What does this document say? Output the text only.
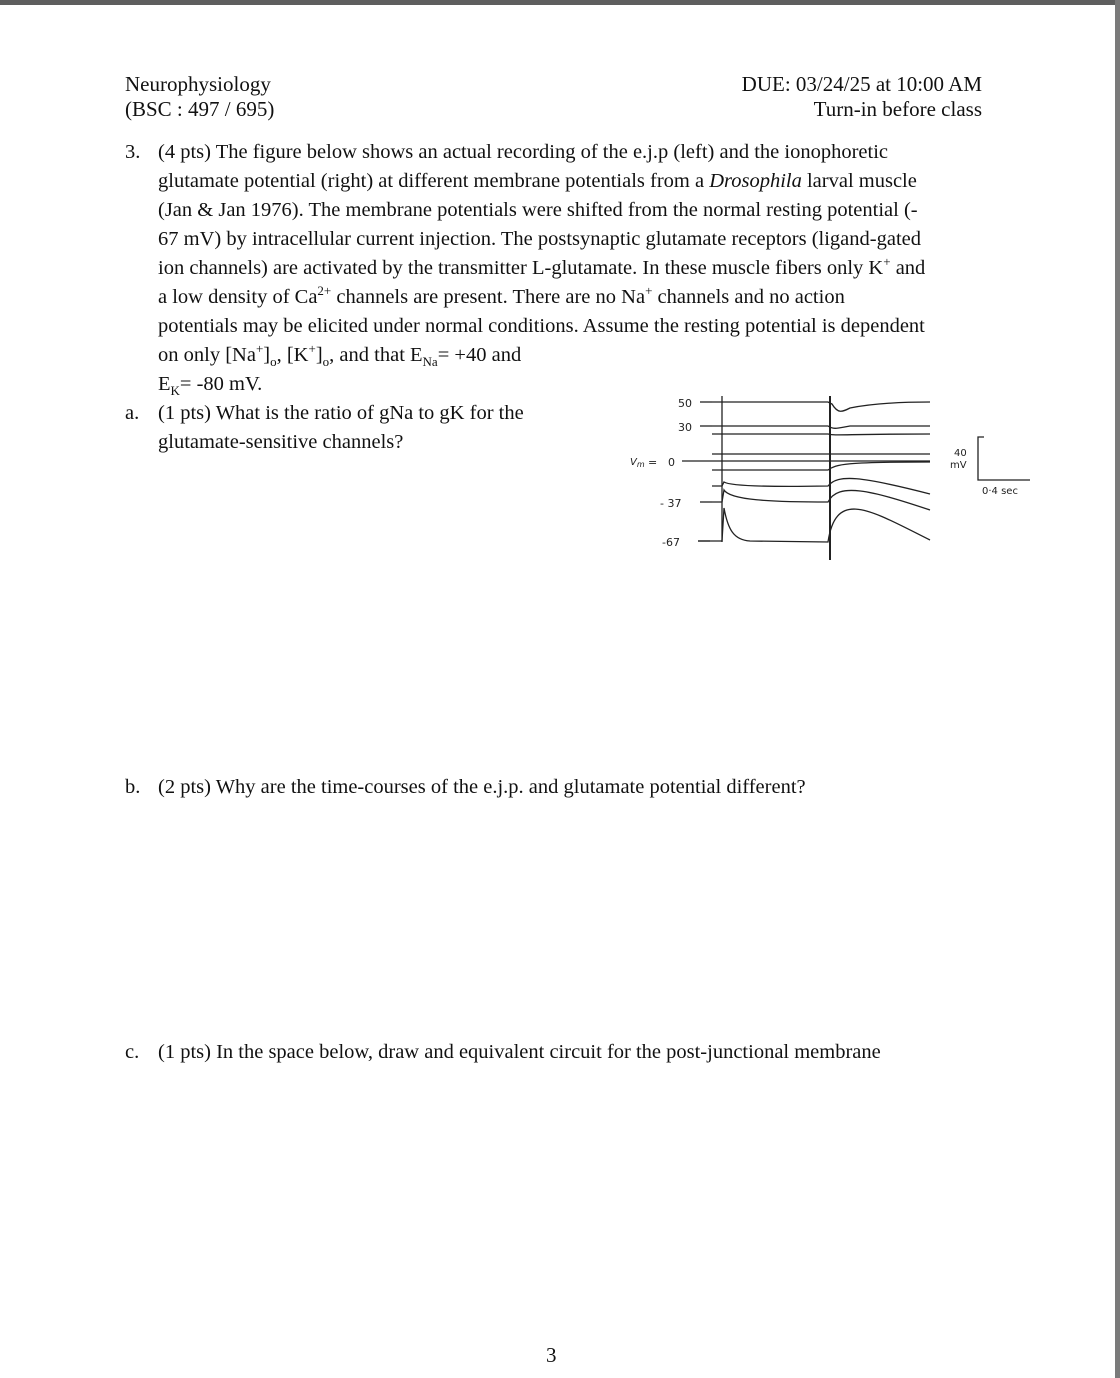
Neurophysiology
(BSC : 497 / 695)
DUE: 03/24/25 at 10:00 AM
Turn-in before class
3. (4 pts) The figure below shows an actual recording of the e.j.p (left) and the ionophoretic
glutamate potential (right) at different membrane potentials from a Drosophila larval muscle
(Jan & Jan 1976). The membrane potentials were shifted from the normal resting potential (-
67 mV) by intracellular current injection. The postsynaptic glutamate receptors (ligand-gated
ion channels) are activated by the transmitter L-glutamate. In these muscle fibers only K+ and
a low density of $Ca^{2+}$ channels are present. There are no Na+ channels and no action
potentials may be elicited under normal conditions. Assume the resting potential is dependent
on only $[Na^+]_o$, $[K^+]_o$, and that $E_{Na}= +40$ and
$E_K= -80$ mV.
a. (1 pts) What is the ratio of gNa to gK for the
glutamate-sensitive channels?
50
30
$V_m = 0$
- 37
-67
40
mV
0·4 sec
b. (2 pts) Why are the time-courses of the e.j.p. and glutamate potential different?
c. (1 pts) In the space below, draw and equivalent circuit for the post-junctional membrane
3
